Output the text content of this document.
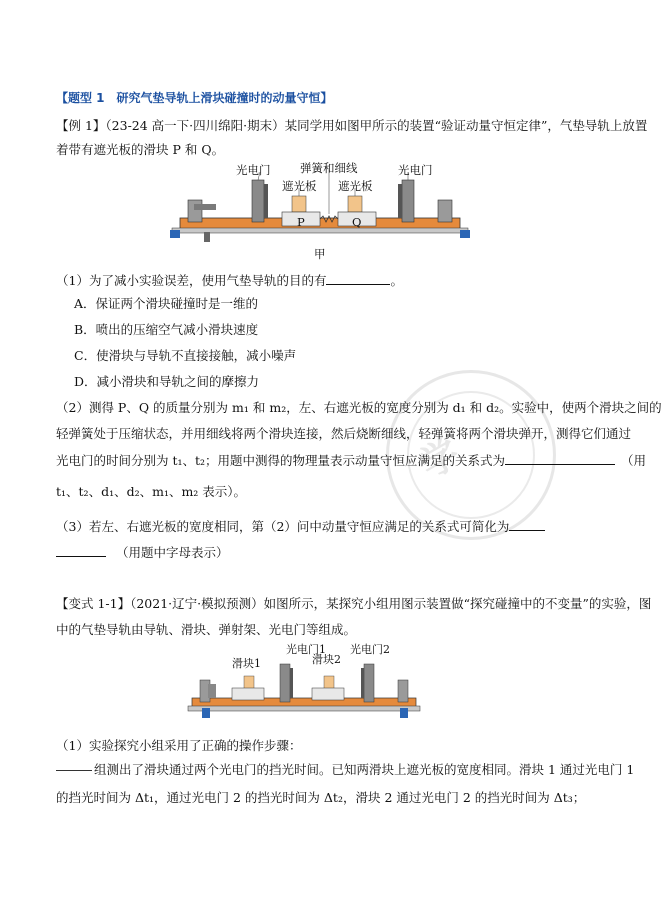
学
【题型 1　研究气垫导轨上滑块碰撞时的动量守恒】
【例 1】（23-24 高一下·四川绵阳·期末）某同学用如图甲所示的装置“验证动量守恒定律”，气垫导轨上放置
着带有遮光板的滑块 P 和 Q。
光电门	弹簧和细线	光电门
遮光板 遮光板
P	Q
甲
（1）为了减小实验误差，使用气垫导轨的目的有	。
A．保证两个滑块碰撞时是一维的
B．喷出的压缩空气减小滑块速度
C．使滑块与导轨不直接接触，减小噪声
D．减小滑块和导轨之间的摩擦力
（2）测得 P、Q 的质量分别为 m₁ 和 m₂，左、右遮光板的宽度分别为 d₁ 和 d₂。实验中，使两个滑块之间的
轻弹簧处于压缩状态，并用细线将两个滑块连接，然后烧断细线，轻弹簧将两个滑块弹开，测得它们通过
光电门的时间分别为 t₁、t₂；用题中测得的物理量表示动量守恒应满足的关系式为	（用
t₁、t₂、d₁、d₂、m₁、m₂ 表示）。
（3）若左、右遮光板的宽度相同，第（2）问中动量守恒应满足的关系式可简化为
（用题中字母表示）
【变式 1-1】（2021·辽宁·模拟预测）如图所示，某探究小组用图示装置做“探究碰撞中的不变量”的实验，图
中的气垫导轨由导轨、滑块、弹射架、光电门等组成。
光电门1 光电门2
滑块1	滑块2
（1）实验探究小组采用了正确的操作步骤：
组测出了滑块通过两个光电门的挡光时间。已知两滑块上遮光板的宽度相同。滑块 1 通过光电门 1
的挡光时间为 Δt₁，通过光电门 2 的挡光时间为 Δt₂，滑块 2 通过光电门 2 的挡光时间为 Δt₃；
